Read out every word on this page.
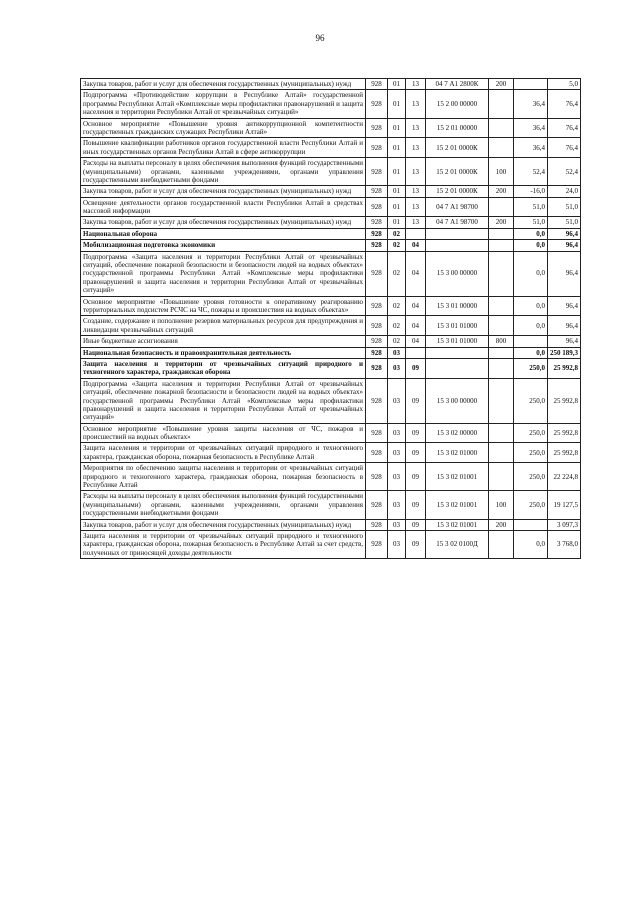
96
Закупка товаров, работ и услуг для обеспечения государственных (муниципальных) нужд	928	01	13	04 7 А1 2800К	200		5,0
Подпрограмма «Противодействие коррупции в Республике Алтай» государственной программы Республики Алтай «Комплексные меры профилактики правонарушений и защита населения и территории Республики Алтай от чрезвычайных ситуаций»	928	01	13	15 2 00 00000		36,4	76,4
Основное мероприятие «Повышение уровня антикоррупционной компетентности государственных гражданских служащих Республики Алтай»	928	01	13	15 2 01 00000		36,4	76,4
Повышение квалификации работников органов государственной власти Республики Алтай и иных государственных органов Республики Алтай в сфере антикоррупции	928	01	13	15 2 01 0000К		36,4	76,4
Расходы на выплаты персоналу в целях обеспечения выполнения функций государственными (муниципальными) органами, казенными учреждениями, органами управления государственными внебюджетными фондами	928	01	13	15 2 01 0000К	100	52,4	52,4
Закупка товаров, работ и услуг для обеспечения государственных (муниципальных) нужд	928	01	13	15 2 01 0000К	200	-16,0	24,0
Освещение деятельности органов государственной власти Республики Алтай в средствах массовой информации	928	01	13	04 7 А1 98700		51,0	51,0
Закупка товаров, работ и услуг для обеспечения государственных (муниципальных) нужд	928	01	13	04 7 А1 98700	200	51,0	51,0
Национальная оборона	928	02				0,0	96,4
Мобилизационная подготовка экономики	928	02	04			0,0	96,4
Подпрограмма «Защита населения и территории Республики Алтай от чрезвычайных ситуаций, обеспечение пожарной безопасности и безопасности людей на водных объектах» государственной программы Республики Алтай «Комплексные меры профилактики правонарушений и защита населения и территории Республики Алтай от чрезвычайных ситуаций»	928	02	04	15 3 00 00000		0,0	96,4
Основное мероприятие «Повышение уровня готовности к оперативному реагированию территориальных подсистем РСЧС на ЧС, пожары и происшествия на водных объектах»	928	02	04	15 3 01 00000		0,0	96,4
Создание, содержание и пополнение резервов материальных ресурсов для предупреждения и ликвидации чрезвычайных ситуаций	928	02	04	15 3 01 01000		0,0	96,4
Иные бюджетные ассигнования	928	02	04	15 3 01 01000	800		96,4
Национальная безопасность и правоохранительная деятельность	928	03				0,0	250 189,3
Защита населения и территории от чрезвычайных ситуаций природного и техногенного характера, гражданская оборона	928	03	09			250,0	25 992,8
Подпрограмма «Защита населения и территории Республики Алтай от чрезвычайных ситуаций, обеспечение пожарной безопасности и безопасности людей на водных объектах» государственной программы Республики Алтай «Комплексные меры профилактики правонарушений и защита населения и территории Республики Алтай от чрезвычайных ситуаций»	928	03	09	15 3 00 00000		250,0	25 992,8
Основное мероприятие «Повышение уровня защиты населения от ЧС, пожаров и происшествий на водных объектах»	928	03	09	15 3 02 00000		250,0	25 992,8
Защита населения и территории от чрезвычайных ситуаций природного и техногенного характера, гражданская оборона, пожарная безопасность в Республике Алтай	928	03	09	15 3 02 01000		250,0	25 992,8
Мероприятия по обеспечению защиты населения и территории от чрезвычайных ситуаций природного и техногенного характера, гражданская оборона, пожарная безопасность в Республике Алтай	928	03	09	15 3 02 01001		250,0	22 224,8
Расходы на выплаты персоналу в целях обеспечения выполнения функций государственными (муниципальными) органами, казенными учреждениями, органами управления государственными внебюджетными фондами	928	03	09	15 3 02 01001	100	250,0	19 127,5
Закупка товаров, работ и услуг для обеспечения государственных (муниципальных) нужд	928	03	09	15 3 02 01001	200		3 097,3
Защита населения и территории от чрезвычайных ситуаций природного и техногенного характера, гражданская оборона, пожарная безопасность в Республике Алтай за счет средств, полученных от приносящей доходы деятельности	928	03	09	15 3 02 0100Д		0,0	3 768,0
